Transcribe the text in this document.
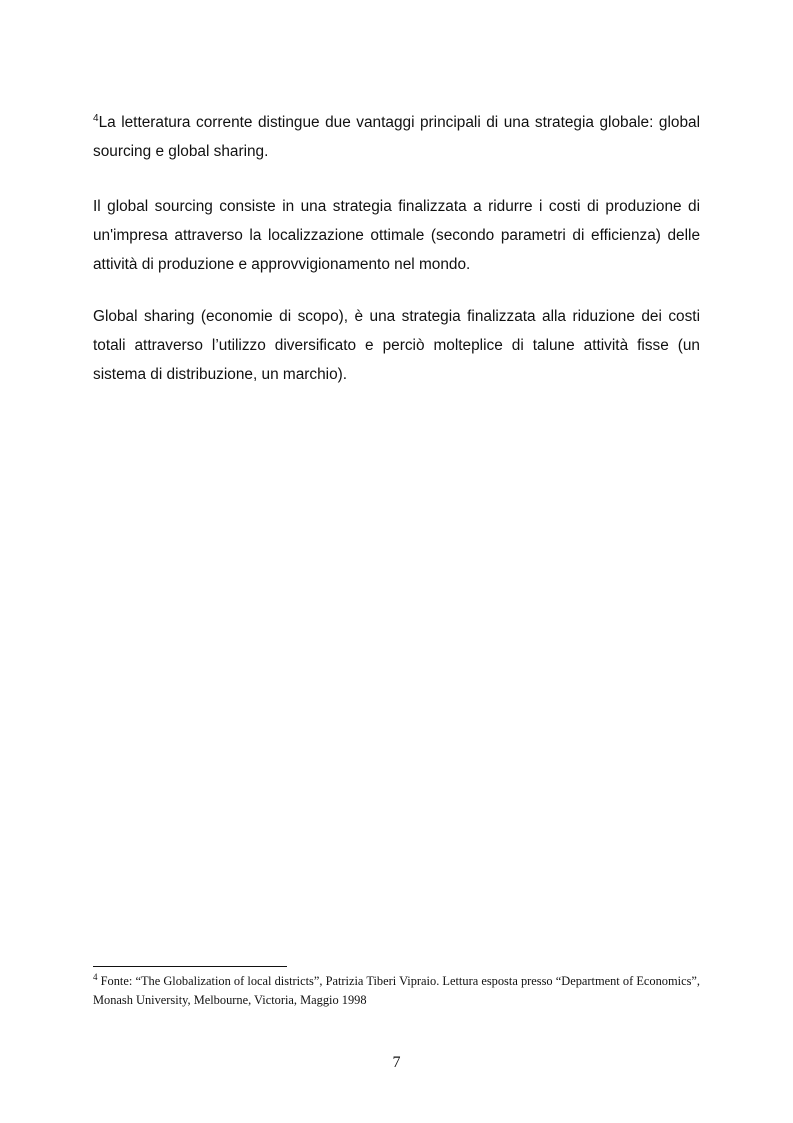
$^4$La letteratura corrente distingue due vantaggi principali di una strategia globale: global sourcing e global sharing.

Il global sourcing consiste in una strategia finalizzata a ridurre i costi di produzione di un'impresa attraverso la localizzazione ottimale (secondo parametri di efficienza) delle attività di produzione e approvvigionamento nel mondo.

Global sharing (economie di scopo), è una strategia finalizzata alla riduzione dei costi totali attraverso l’utilizzo diversificato e perciò molteplice di talune attività fisse (un sistema di distribuzione, un marchio).

$^4$ Fonte: “The Globalization of local districts”, Patrizia Tiberi Vipraio. Lettura esposta presso “Department of Economics”, Monash University, Melbourne, Victoria, Maggio 1998

7
